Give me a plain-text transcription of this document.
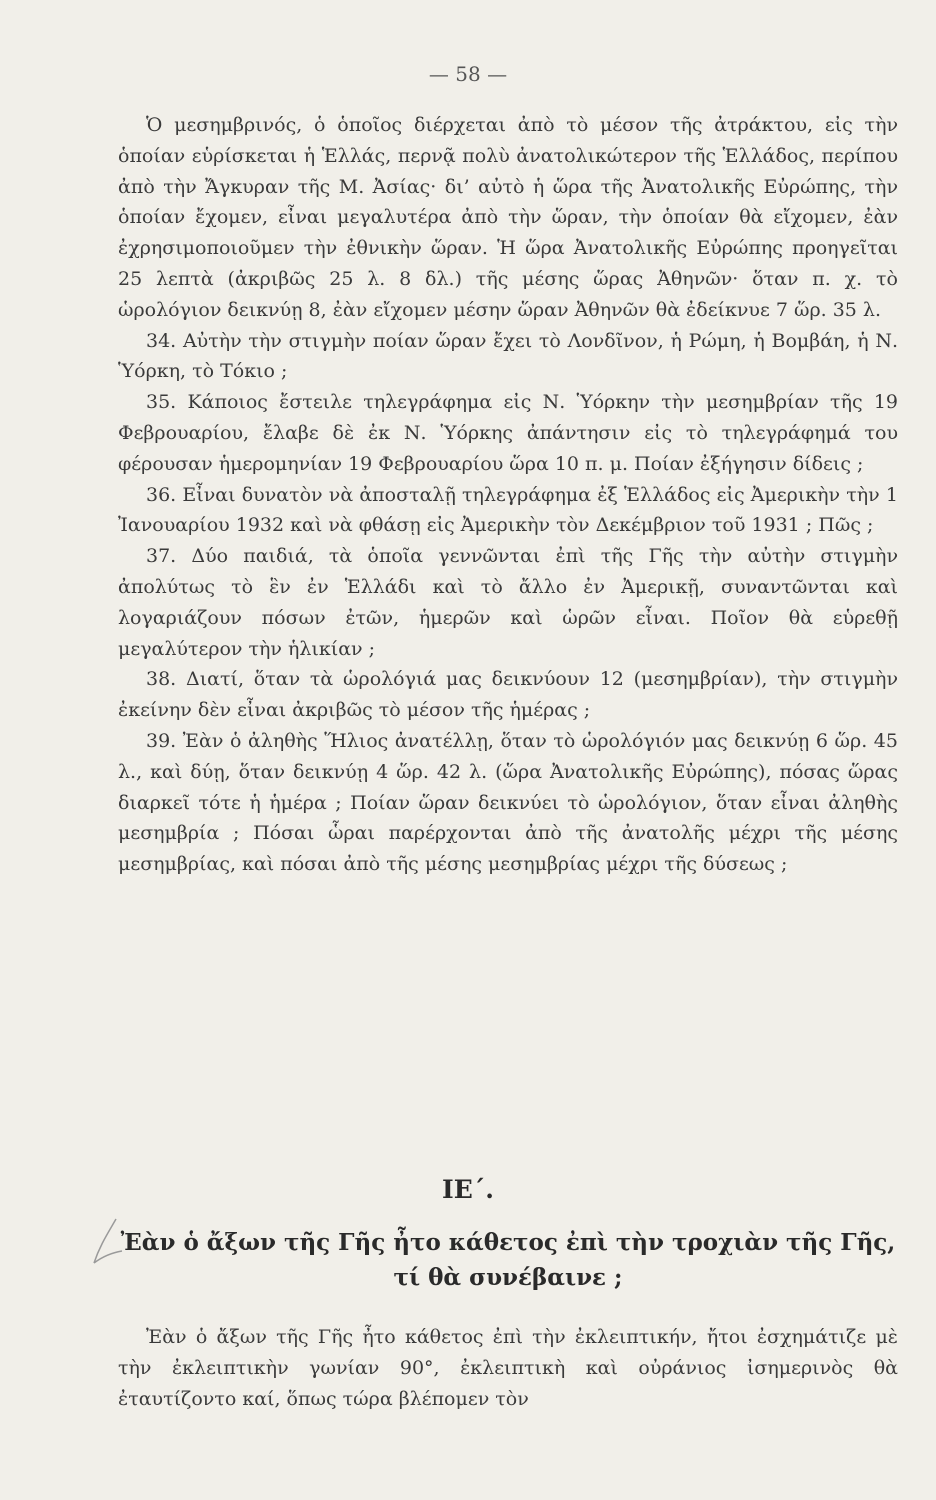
— 58 —

Ὁ μεσημβρινός, ὁ ὁποῖος διέρχεται ἀπὸ τὸ μέσον τῆς ἀτράκτου, εἰς τὴν ὁποίαν εὑρίσκεται ἡ Ἑλλάς, περνᾷ πολὺ ἀνατολικώτερον τῆς Ἑλλάδος, περίπου ἀπὸ τὴν Ἄγκυραν τῆς Μ. Ἀσίας· δι’ αὐτὸ ἡ ὥρα τῆς Ἀνατολικῆς Εὐρώπης, τὴν ὁποίαν ἔχομεν, εἶναι μεγαλυτέρα ἀπὸ τὴν ὥραν, τὴν ὁποίαν θὰ εἴχομεν, ἐὰν ἐχρησιμοποιοῦμεν τὴν ἐθνικὴν ὥραν. Ἡ ὥρα Ἀνατολικῆς Εὐρώπης προηγεῖται 25 λεπτὰ (ἀκριβῶς 25 λ. 8 δλ.) τῆς μέσης ὥρας Ἀθηνῶν· ὅταν π. χ. τὸ ὡρολόγιον δεικνύῃ 8, ἐὰν εἴχομεν μέσην ὥραν Ἀθηνῶν θὰ ἐδείκνυε 7 ὥρ. 35 λ.

34. Αὐτὴν τὴν στιγμὴν ποίαν ὥραν ἔχει τὸ Λονδῖνον, ἡ Ρώμη, ἡ Βομβάη, ἡ Ν. Ὑόρκη, τὸ Τόκιο ;

35. Κάποιος ἔστειλε τηλεγράφημα εἰς Ν. Ὑόρκην τὴν μεσημβρίαν τῆς 19 Φεβρουαρίου, ἔλαβε δὲ ἐκ Ν. Ὑόρκης ἀπάντησιν εἰς τὸ τηλεγράφημά του φέρουσαν ἡμερομηνίαν 19 Φεβρουαρίου ὥρα 10 π. μ. Ποίαν ἐξήγησιν δίδεις ;

36. Εἶναι δυνατὸν νὰ ἀποσταλῇ τηλεγράφημα ἐξ Ἑλλάδος εἰς Ἀμερικὴν τὴν 1 Ἰανουαρίου 1932 καὶ νὰ φθάσῃ εἰς Ἀμερικὴν τὸν Δεκέμβριον τοῦ 1931 ; Πῶς ;

37. Δύο παιδιά, τὰ ὁποῖα γεννῶνται ἐπὶ τῆς Γῆς τὴν αὐτὴν στιγμὴν ἀπολύτως τὸ ἓν ἐν Ἑλλάδι καὶ τὸ ἄλλο ἐν Ἀμερικῇ, συναντῶνται καὶ λογαριάζουν πόσων ἐτῶν, ἡμερῶν καὶ ὡρῶν εἶναι. Ποῖον θὰ εὑρεθῇ μεγαλύτερον τὴν ἡλικίαν ;

38. Διατί, ὅταν τὰ ὡρολόγιά μας δεικνύουν 12 (μεσημβρίαν), τὴν στιγμὴν ἐκείνην δὲν εἶναι ἀκριβῶς τὸ μέσον τῆς ἡμέρας ;

39. Ἐὰν ὁ ἀληθὴς Ἥλιος ἀνατέλλῃ, ὅταν τὸ ὡρολόγιόν μας δεικνύῃ 6 ὥρ. 45 λ., καὶ δύῃ, ὅταν δεικνύῃ 4 ὥρ. 42 λ. (ὥρα Ἀνατολικῆς Εὐρώπης), πόσας ὥρας διαρκεῖ τότε ἡ ἡμέρα ; Ποίαν ὥραν δεικνύει τὸ ὡρολόγιον, ὅταν εἶναι ἀληθὴς μεσημβρία ; Πόσαι ὧραι παρέρχονται ἀπὸ τῆς ἀνατολῆς μέχρι τῆς μέσης μεσημβρίας, καὶ πόσαι ἀπὸ τῆς μέσης μεσημβρίας μέχρι τῆς δύσεως ;

ΙΕ΄.
Ἐὰν ὁ ἄξων τῆς Γῆς ἦτο κάθετος ἐπὶ τὴν τροχιὰν τῆς Γῆς, τί θὰ συνέβαινε ;

Ἐὰν ὁ ἄξων τῆς Γῆς ἦτο κάθετος ἐπὶ τὴν ἐκλειπτικήν, ἤτοι ἐσχημάτιζε μὲ τὴν ἐκλειπτικὴν γωνίαν 90°, ἐκλειπτικὴ καὶ οὐράνιος ἰσημερινὸς θὰ ἐταυτίζοντο καί, ὅπως τώρα βλέπομεν τὸν
